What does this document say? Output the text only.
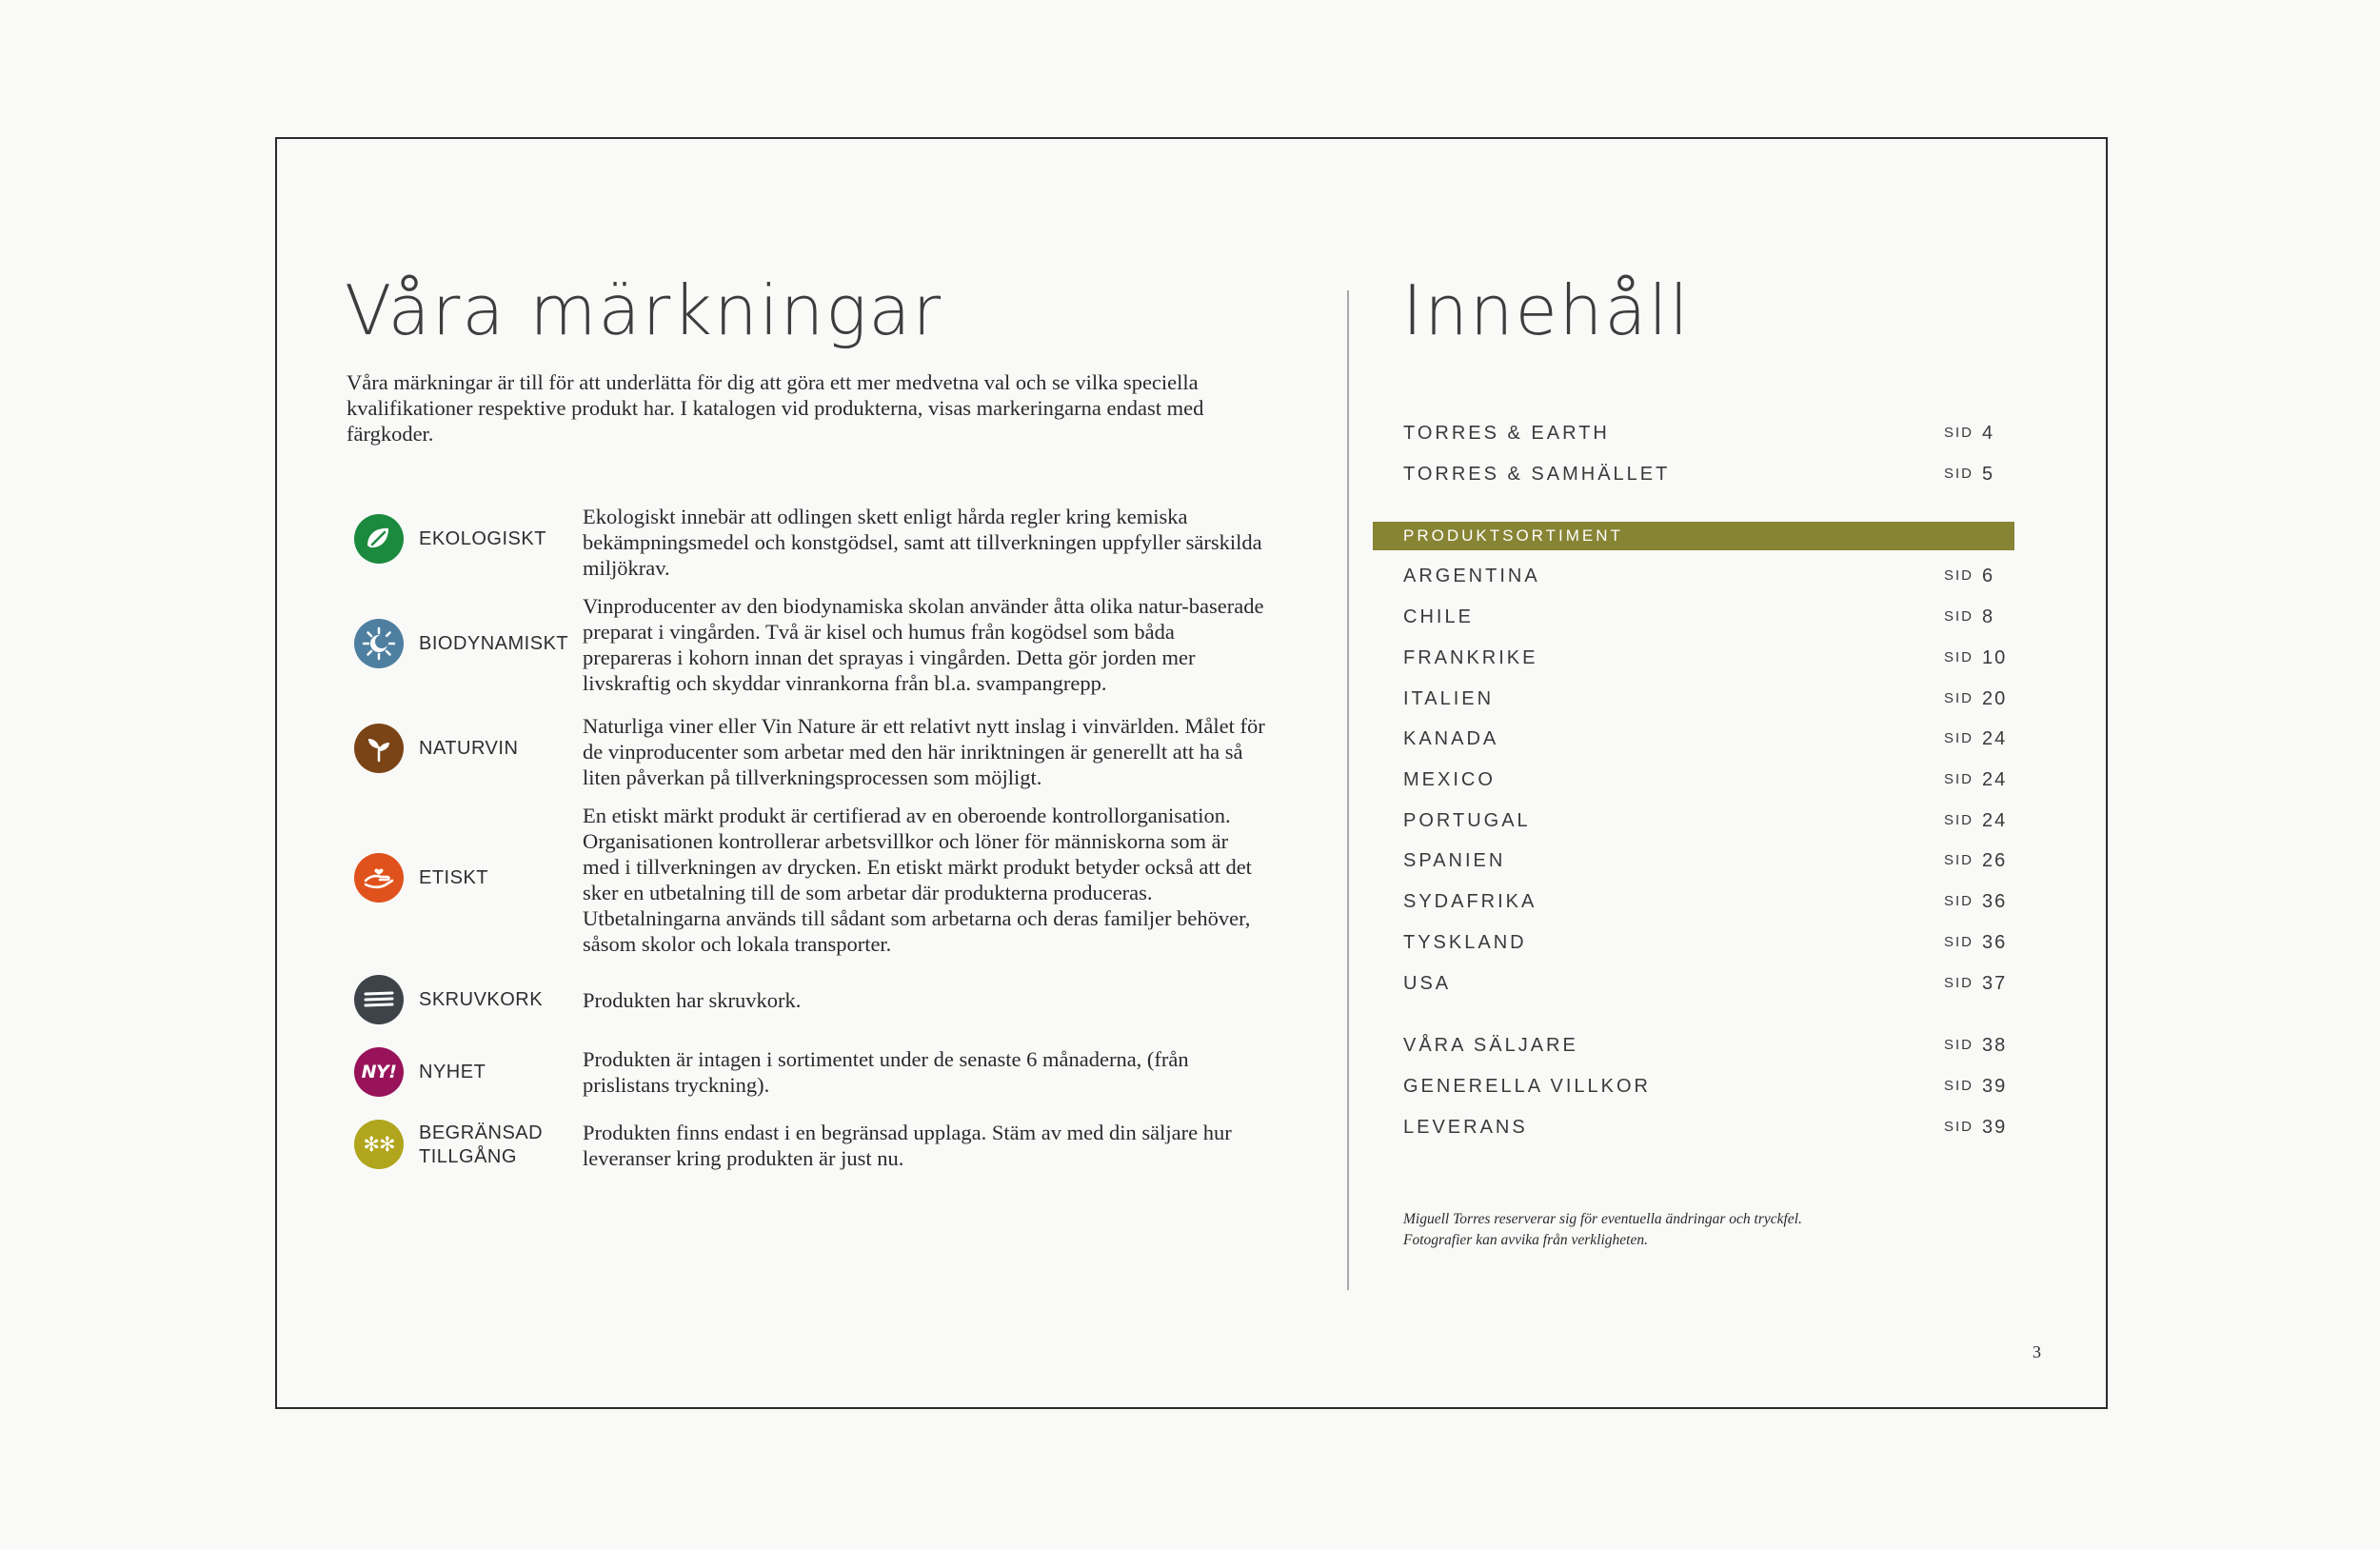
Våra märkningar

Våra märkningar är till för att underlätta för dig att göra ett mer medvetna val och se vilka speciella kvalifikationer respektive produkt har. I katalogen vid produkterna, visas markeringarna endast med färgkoder.

EKOLOGISKT

Ekologiskt innebär att odlingen skett enligt hårda regler kring kemiska bekämpningsmedel och konstgödsel, samt att tillverkningen uppfyller särskilda miljökrav.

BIODYNAMISKT

Vinproducenter av den biodynamiska skolan använder åtta olika natur-baserade preparat i vingården. Två är kisel och humus från kogödsel som båda prepareras i kohorn innan det sprayas i vingården. Detta gör jorden mer livskraftig och skyddar vinrankorna från bl.a. svampangrepp.

NATURVIN

Naturliga viner eller Vin Nature är ett relativt nytt inslag i vinvärlden. Målet för de vinproducenter som arbetar med den här inriktningen är generellt att ha så liten påverkan på tillverkningsprocessen som möjligt.

ETISKT

En etiskt märkt produkt är certifierad av en oberoende kontrollorganisation. Organisationen kontrollerar arbetsvillkor och löner för människorna som är med i tillverkningen av drycken. En etiskt märkt produkt betyder också att det sker en utbetalning till de som arbetar där produkterna produceras. Utbetalningarna används till sådant som arbetarna och deras familjer behöver, såsom skolor och lokala transporter.

SKRUVKORK Produkten har skruvkork.

NY! NYHET

Produkten är intagen i sortimentet under de senaste 6 månaderna, (från prislistans tryckning).

✻✻ BEGRÄNSAD TILLGÅNG

Produkten finns endast i en begränsad upplaga. Stäm av med din säljare hur leveranser kring produkten är just nu.

Innehåll
TORRES & EARTH	SID 4
TORRES & SAMHÄLLET	SID 5
PRODUKTSORTIMENT
ARGENTINA	SID 6
CHILE	SID 8
FRANKRIKE	SID 10
ITALIEN	SID 20
KANADA	SID 24
MEXICO	SID 24
PORTUGAL	SID 24
SPANIEN	SID 26
SYDAFRIKA	SID 36
TYSKLAND	SID 36
USA	SID 37
VÅRA SÄLJARE	SID 38
GENERELLA VILLKOR	SID 39
LEVERANS	SID 39
Miguell Torres reserverar sig för eventuella ändringar och tryckfel.
Fotografier kan avvika från verkligheten.
3
